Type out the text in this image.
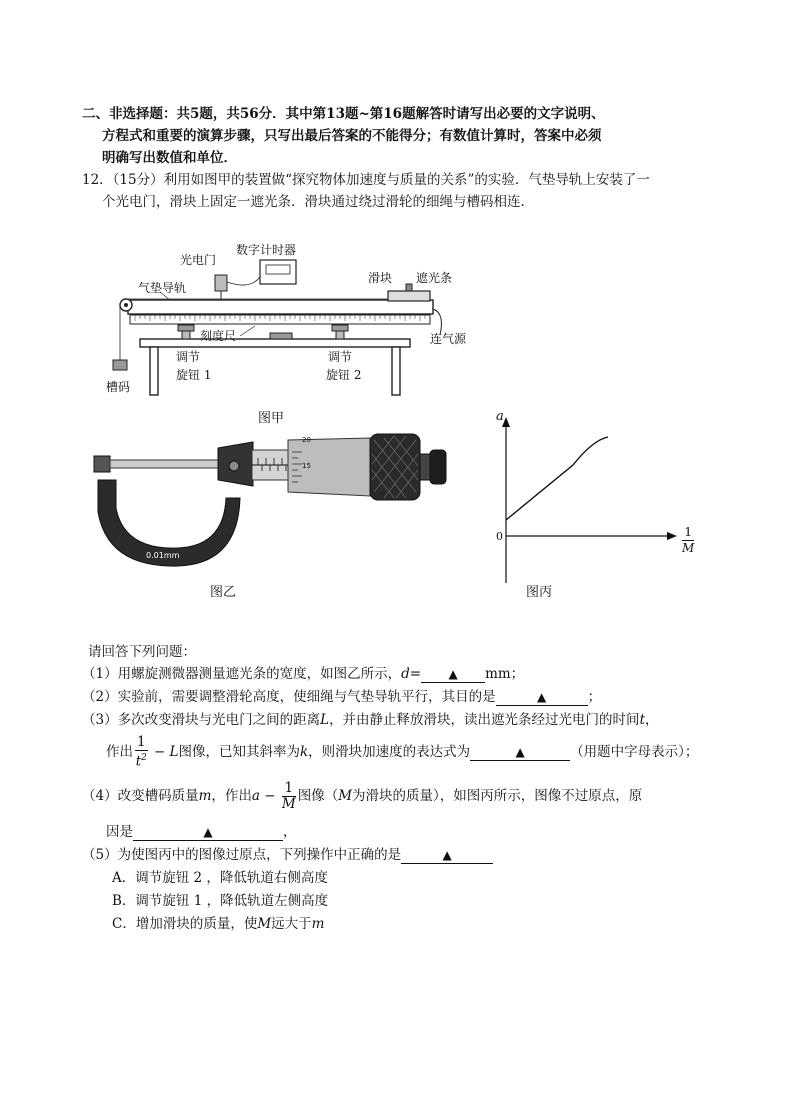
二、非选择题：共5题，共56分．其中第13题~第16题解答时请写出必要的文字说明、
方程式和重要的演算步骤，只写出最后答案的不能得分；有数值计算时，答案中必须
明确写出数值和单位．
12．（15分）利用如图甲的装置做“探究物体加速度与质量的关系”的实验．气垫导轨上安装了一
个光电门，滑块上固定一遮光条．滑块通过绕过滑轮的细绳与槽码相连．
数字计时器
光电门
气垫导轨
滑块 遮光条
刻度尺	连气源
调节
旋钮 1
调节
旋钮 2
槽码
图甲
20
15
0.01mm
图乙
a
0	$\frac{1}{M}$
图丙
请回答下列问题：
（1）用螺旋测微器测量遮光条的宽度，如图乙所示，d= ▲ mm；
（2）实验前，需要调整滑轮高度，使细绳与气垫导轨平行，其目的是	▲	；
（3）多次改变滑块与光电门之间的距离L，并由静止释放滑块，读出遮光条经过光电门的时间t，
作出 $\frac{1}{t^2} - L$图像，已知其斜率为k，则滑块加速度的表达式为	▲	（用题中字母表示）；
（4）改变槽码质量m，作出$a - \frac{1}{M}$ 图像（M为滑块的质量），如图丙所示，图像不过原点，原
因是	▲	，
（5）为使图丙中的图像过原点，下列操作中正确的是	▲
A．调节旋钮 2 ，降低轨道右侧高度
B．调节旋钮 1 ，降低轨道左侧高度
C．增加滑块的质量，使M远大于m
